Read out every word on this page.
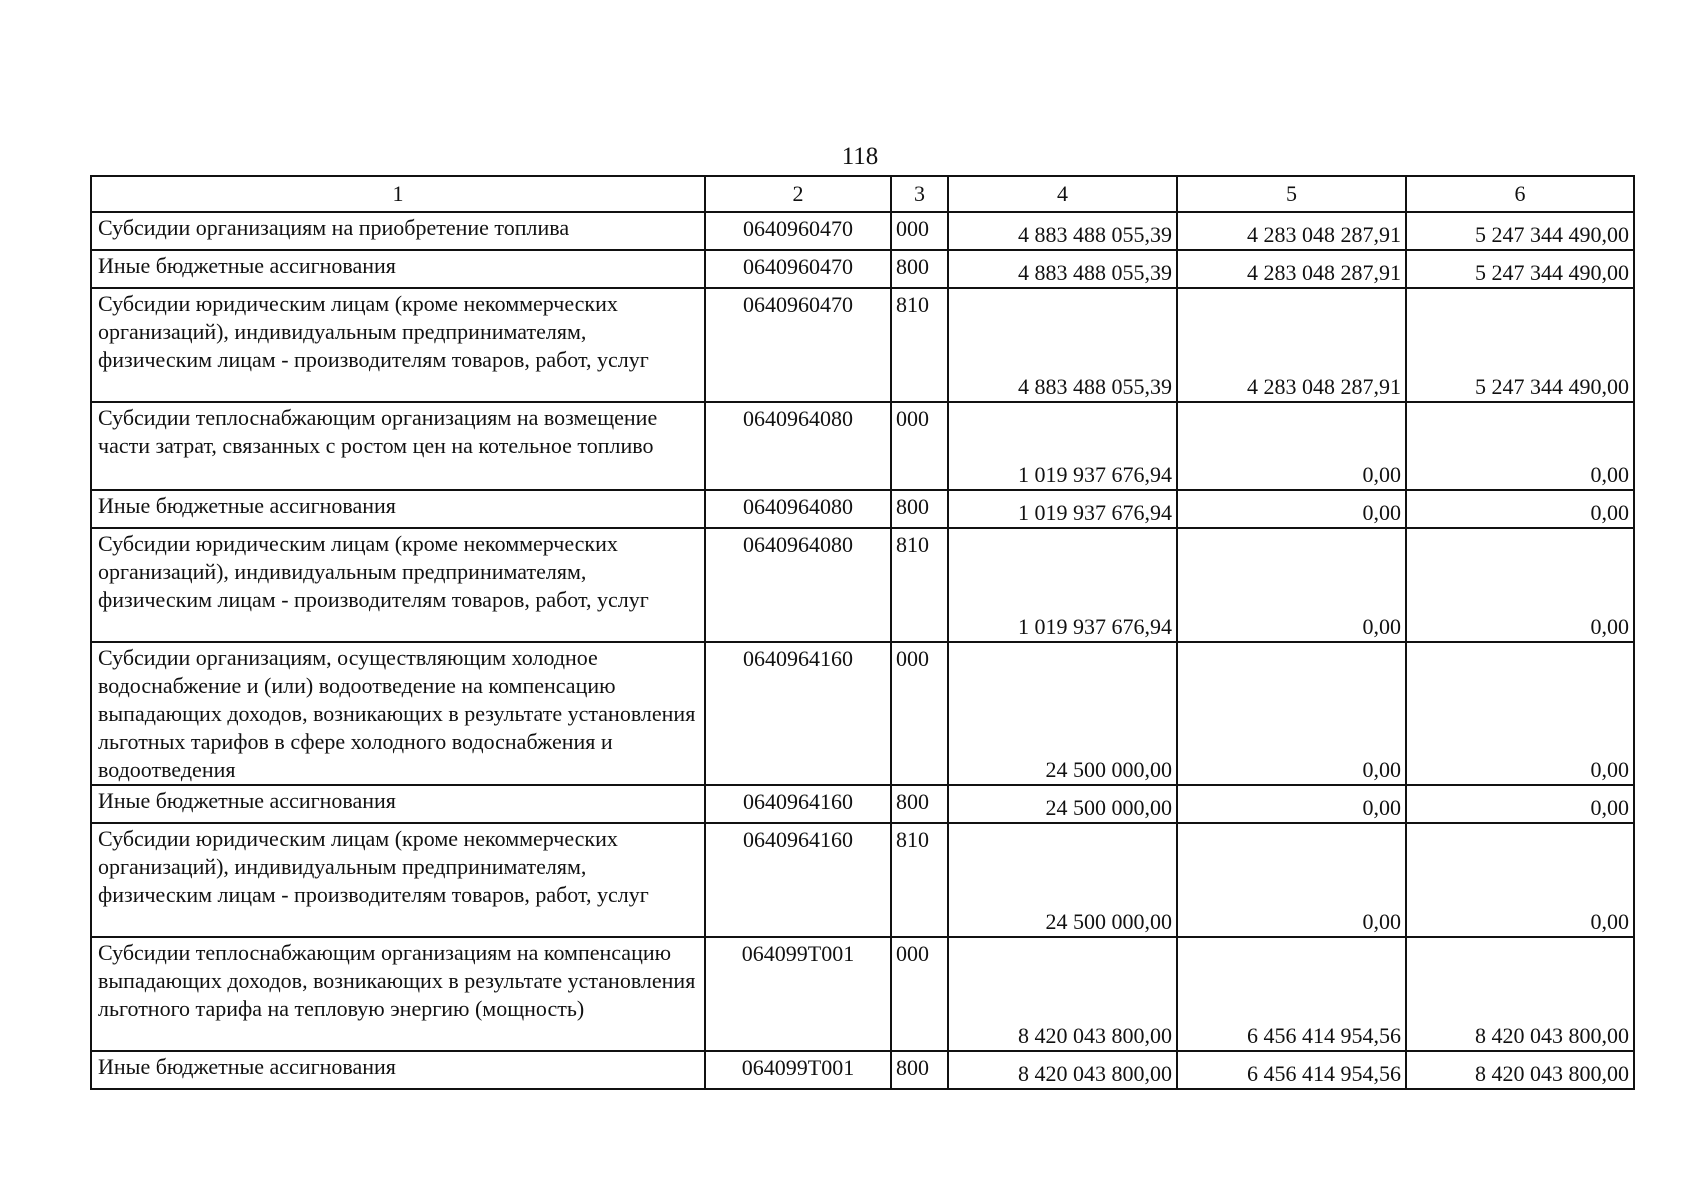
118
1	2	3	4	5	6
Субсидии организациям на приобретение топлива	0640960470	000	4 883 488 055,39	4 283 048 287,91	5 247 344 490,00
Иные бюджетные ассигнования	0640960470	800	4 883 488 055,39	4 283 048 287,91	5 247 344 490,00
Субсидии юридическим лицам (кроме некоммерческих организаций), индивидуальным предпринимателям, физическим лицам - производителям товаров, работ, услуг	0640960470	810	4 883 488 055,39	4 283 048 287,91	5 247 344 490,00
Субсидии теплоснабжающим организациям на возмещение части затрат, связанных с ростом цен на котельное топливо	0640964080	000	1 019 937 676,94	0,00	0,00
Иные бюджетные ассигнования	0640964080	800	1 019 937 676,94	0,00	0,00
Субсидии юридическим лицам (кроме некоммерческих организаций), индивидуальным предпринимателям, физическим лицам - производителям товаров, работ, услуг	0640964080	810	1 019 937 676,94	0,00	0,00
Субсидии организациям, осуществляющим холодное водоснабжение и (или) водоотведение на компенсацию выпадающих доходов, возникающих в результате установления льготных тарифов в сфере холодного водоснабжения и водоотведения	0640964160	000	24 500 000,00	0,00	0,00
Иные бюджетные ассигнования	0640964160	800	24 500 000,00	0,00	0,00
Субсидии юридическим лицам (кроме некоммерческих организаций), индивидуальным предпринимателям, физическим лицам - производителям товаров, работ, услуг	0640964160	810	24 500 000,00	0,00	0,00
Субсидии теплоснабжающим организациям на компенсацию выпадающих доходов, возникающих в результате установления льготного тарифа на тепловую энергию (мощность)	064099T001	000	8 420 043 800,00	6 456 414 954,56	8 420 043 800,00
Иные бюджетные ассигнования	064099T001	800	8 420 043 800,00	6 456 414 954,56	8 420 043 800,00
